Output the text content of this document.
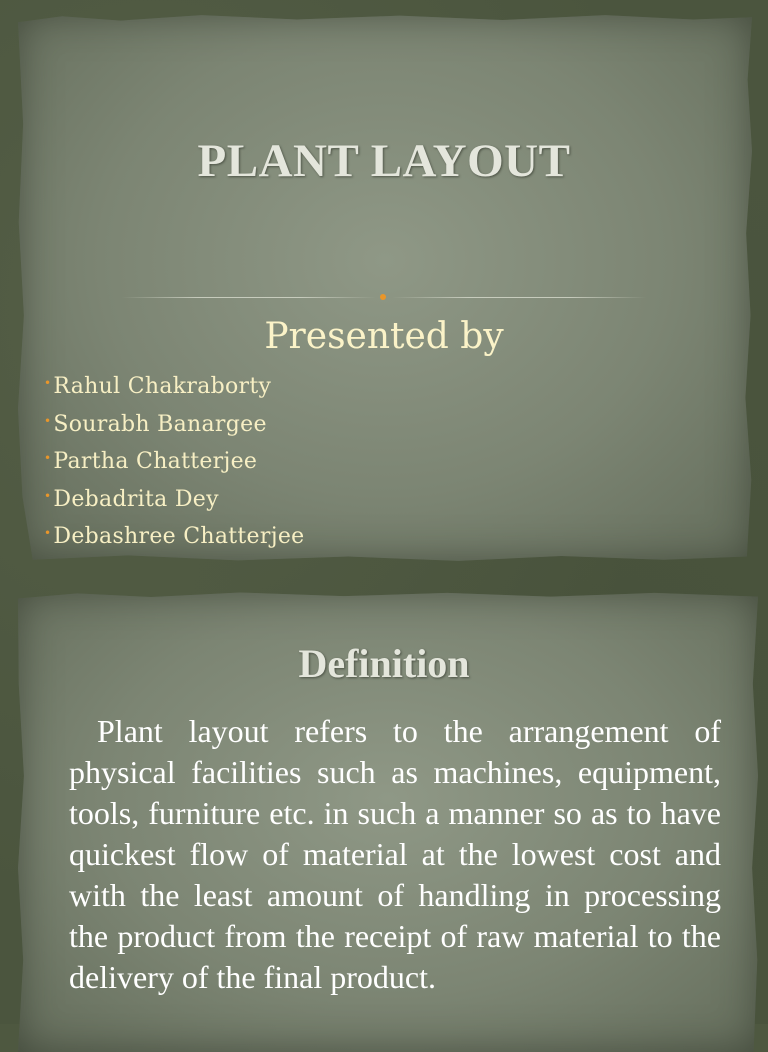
PLANT LAYOUT
Presented by
•Rahul Chakraborty
•Sourabh Banargee
•Partha Chatterjee
•Debadrita Dey
•Debashree Chatterjee
Definition

Plant layout refers to the arrangement of physical facilities such as machines, equipment, tools, furniture etc. in such a manner so as to have quickest flow of material at the lowest cost and with the least amount of handling in processing the product from the receipt of raw material to the delivery of the final product.
